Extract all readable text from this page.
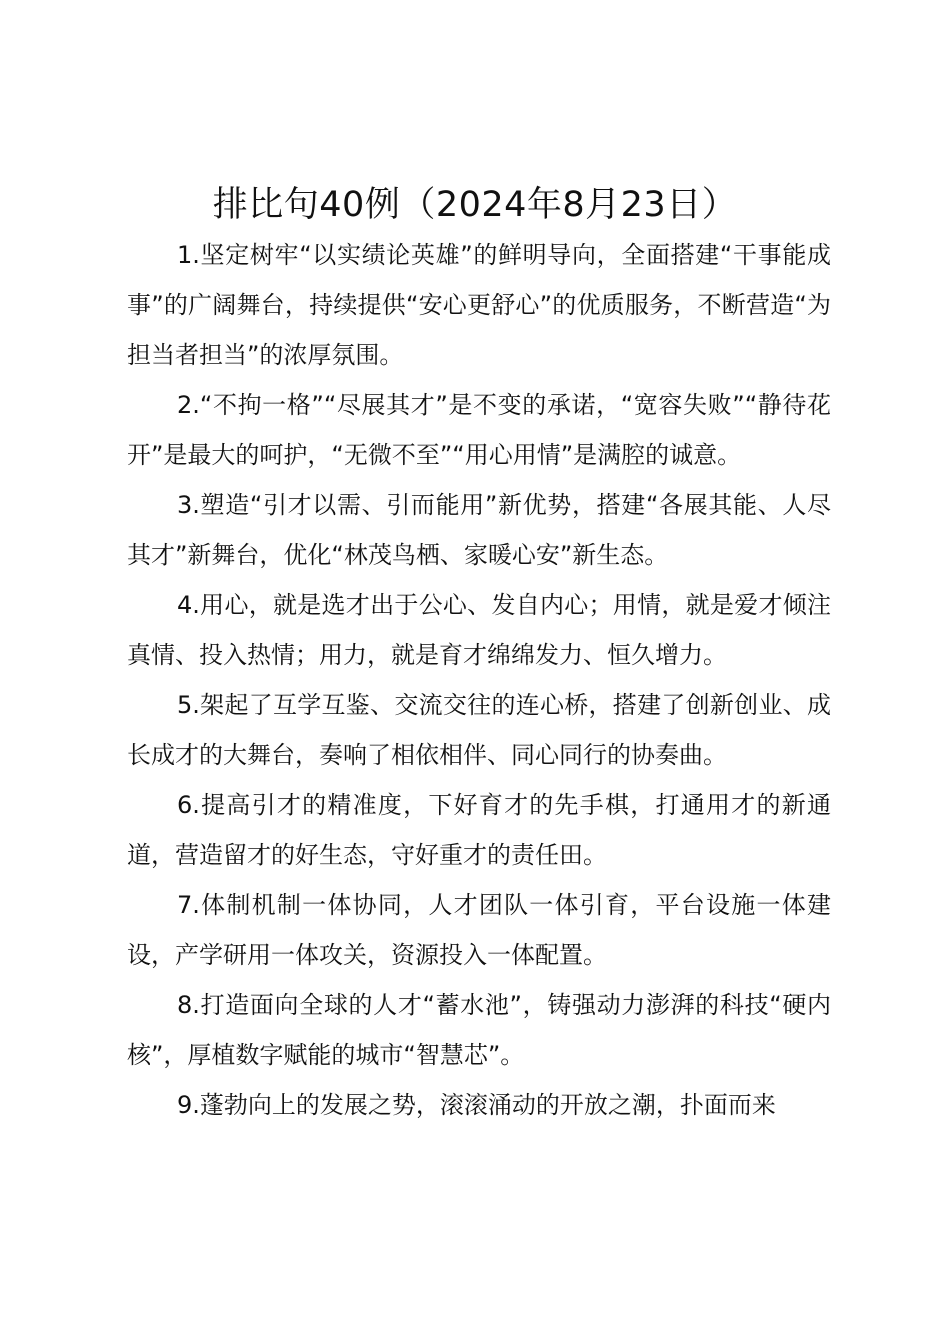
排比句40例（2024年8月23日）

1.坚定树牢“以实绩论英雄”的鲜明导向，全面搭建“干事能成事”的广阔舞台，持续提供“安心更舒心”的优质服务，不断营造“为担当者担当”的浓厚氛围。

2.“不拘一格”“尽展其才”是不变的承诺，“宽容失败”“静待花开”是最大的呵护，“无微不至”“用心用情”是满腔的诚意。

3.塑造“引才以需、引而能用”新优势，搭建“各展其能、人尽其才”新舞台，优化“林茂鸟栖、家暖心安”新生态。

4.用心，就是选才出于公心、发自内心；用情，就是爱才倾注真情、投入热情；用力，就是育才绵绵发力、恒久增力。

5.架起了互学互鉴、交流交往的连心桥，搭建了创新创业、成长成才的大舞台，奏响了相依相伴、同心同行的协奏曲。

6.提高引才的精准度，下好育才的先手棋，打通用才的新通道，营造留才的好生态，守好重才的责任田。

7.体制机制一体协同，人才团队一体引育，平台设施一体建设，产学研用一体攻关，资源投入一体配置。

8.打造面向全球的人才“蓄水池”，铸强动力澎湃的科技“硬内核”，厚植数字赋能的城市“智慧芯”。

9.蓬勃向上的发展之势，滚滚涌动的开放之潮，扑面而来
